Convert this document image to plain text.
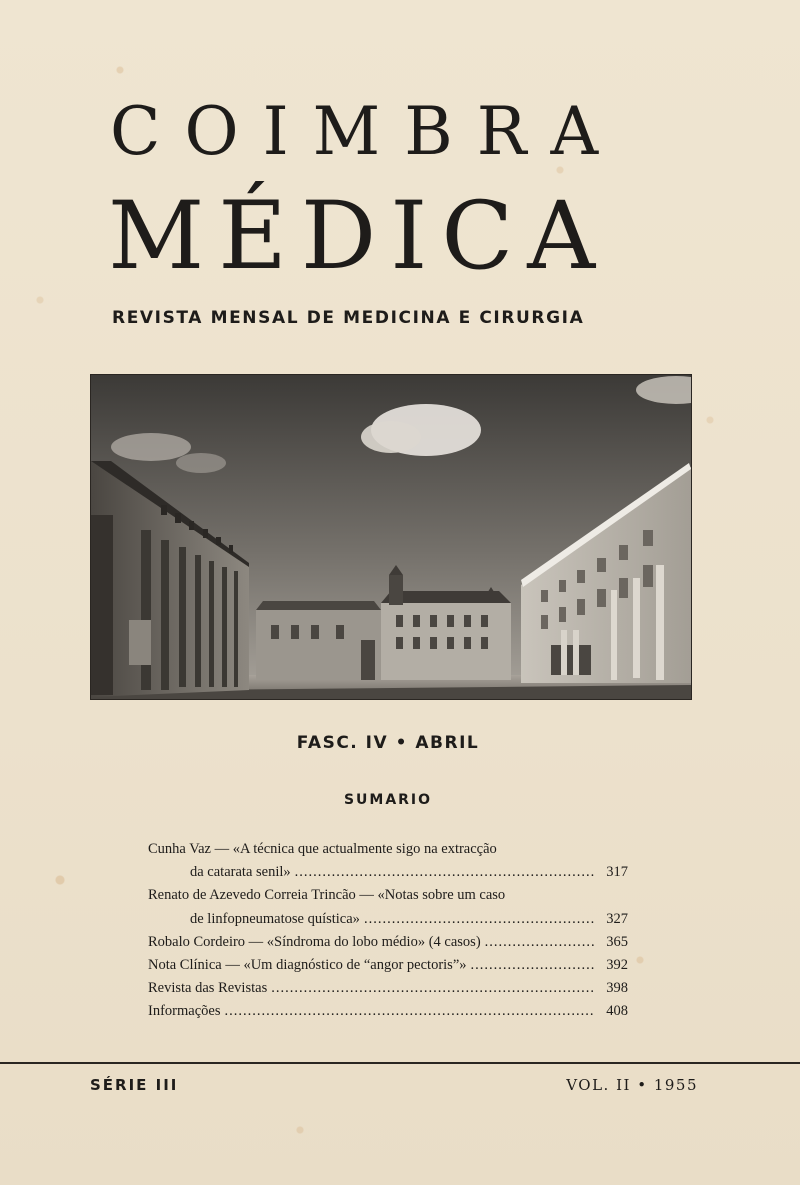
COIMBRA
MÉDICA
REVISTA MENSAL DE MEDICINA E CIRURGIA
FASC. IV • ABRIL
SUMARIO
Cunha Vaz — «A técnica que actualmente sigo na extracção
da catarata senil» .....	317
Renato de Azevedo Correia Trincão — «Notas sobre um caso
de linfopneumatose quística» .....	327
Robalo Cordeiro — «Síndroma do lobo médio» (4 casos) .....	365
Nota Clínica — «Um diagnóstico de “angor pectoris”» .....	392
Revista das Revistas .....	398
Informações .....	408
SÉRIE III	VOL. II • 1955
